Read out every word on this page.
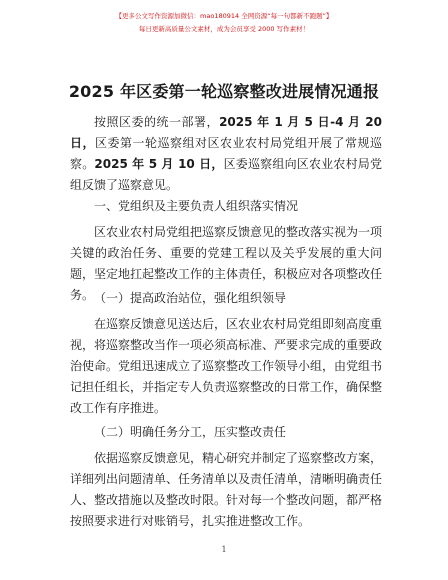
【更多公文写作资源加微信：mao180914 全网资源“每一句都新不跑题”】
每日更新高质量公文素材，成为会员享受 2000 写作素材！
2025 年区委第一轮巡察整改进展情况通报

按照区委的统一部署，2025 年 1 月 5 日-4 月 20 日，区委第一轮巡察组对区农业农村局党组开展了常规巡察。2025 年 5 月 10 日，区委巡察组向区农业农村局党组反馈了巡察意见。

一、党组织及主要负责人组织落实情况

区农业农村局党组把巡察反馈意见的整改落实视为一项关键的政治任务、重要的党建工程以及关乎发展的重大问题，坚定地扛起整改工作的主体责任，积极应对各项整改任务。 （一）提高政治站位，强化组织领导

在巡察反馈意见送达后，区农业农村局党组即刻高度重视，将巡察整改当作一项必须高标准、严要求完成的重要政治使命。党组迅速成立了巡察整改工作领导小组，由党组书记担任组长，并指定专人负责巡察整改的日常工作，确保整改工作有序推进。

（二）明确任务分工，压实整改责任

依据巡察反馈意见，精心研究并制定了巡察整改方案，详细列出问题清单、任务清单以及责任清单，清晰明确责任人、整改措施以及整改时限。针对每一个整改问题，都严格按照要求进行对账销号，扎实推进整改工作。

1
